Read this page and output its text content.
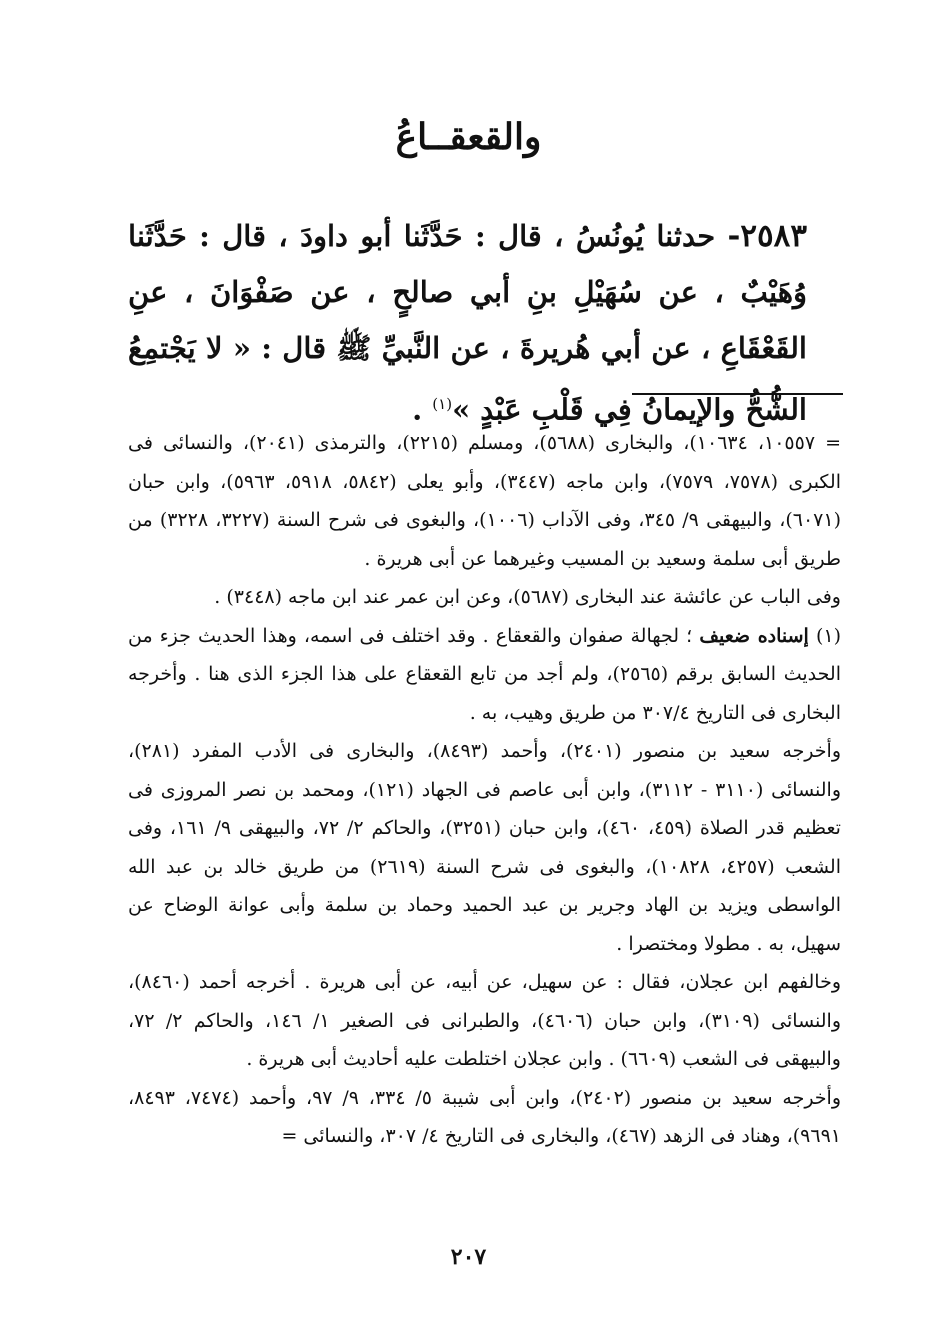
والقعقــاعُ
٢٥٨٣- حدثنا يُونُسُ ، قال : حَدَّثَنا أبو داودَ ، قال : حَدَّثَنا وُهَيْبٌ ، عن سُهَيْلِ بنِ أبي صالحٍ ، عن صَفْوَانَ ، عنِ القَعْقَاعِ ، عن أبي هُريرةَ ، عن النَّبيِّ ﷺ قال : « لا يَجْتمِعُ الشُّحُّ والإيمانُ فِي قَلْبِ عَبْدٍ »$^{(١)}$ .

= ١٠٥٥٧، ١٠٦٣٤)، والبخارى (٥٦٨٨)، ومسلم (٢٢١٥)، والترمذى (٢٠٤١)، والنسائى فى الكبرى (٧٥٧٨، ٧٥٧٩)، وابن ماجه (٣٤٤٧)، وأبو يعلى (٥٨٤٢، ٥٩١٨، ٥٩٦٣)، وابن حبان (٦٠٧١)، والبيهقى ٩/ ٣٤٥، وفى الآداب (١٠٠٦)، والبغوى فى شرح السنة (٣٢٢٧، ٣٢٢٨) من طريق أبى سلمة وسعيد بن المسيب وغيرهما عن أبى هريرة .

وفى الباب عن عائشة عند البخارى (٥٦٨٧)، وعن ابن عمر عند ابن ماجه (٣٤٤٨) .

(١) إسناده ضعيف ؛ لجهالة صفوان والقعقاع . وقد اختلف فى اسمه، وهذا الحديث جزء من الحديث السابق برقم (٢٥٦٥)، ولم أجد من تابع القعقاع على هذا الجزء الذى هنا . وأخرجه البخارى فى التاريخ ٣٠٧/٤ من طريق وهيب، به .

وأخرجه سعيد بن منصور (٢٤٠١)، وأحمد (٨٤٩٣)، والبخارى فى الأدب المفرد (٢٨١)، والنسائى (٣١١٠ - ٣١١٢)، وابن أبى عاصم فى الجهاد (١٢١)، ومحمد بن نصر المروزى فى تعظيم قدر الصلاة (٤٥٩، ٤٦٠)، وابن حبان (٣٢٥١)، والحاكم ٢/ ٧٢، والبيهقى ٩/ ١٦١، وفى الشعب (٤٢٥٧، ١٠٨٢٨)، والبغوى فى شرح السنة (٢٦١٩) من طريق خالد بن عبد الله الواسطى ويزيد بن الهاد وجرير بن عبد الحميد وحماد بن سلمة وأبى عوانة الوضاح عن سهيل، به . مطولا ومختصرا .

وخالفهم ابن عجلان، فقال : عن سهيل، عن أبيه، عن أبى هريرة . أخرجه أحمد (٨٤٦٠)، والنسائى (٣١٠٩)، وابن حبان (٤٦٠٦)، والطبرانى فى الصغير ١/ ١٤٦، والحاكم ٢/ ٧٢، والبيهقى فى الشعب (٦٦٠٩) . وابن عجلان اختلطت عليه أحاديث أبى هريرة .

وأخرجه سعيد بن منصور (٢٤٠٢)، وابن أبى شيبة ٥/ ٣٣٤، ٩/ ٩٧، وأحمد (٧٤٧٤، ٨٤٩٣، ٩٦٩١)، وهناد فى الزهد (٤٦٧)، والبخارى فى التاريخ ٤/ ٣٠٧، والنسائى =

٢٠٧
